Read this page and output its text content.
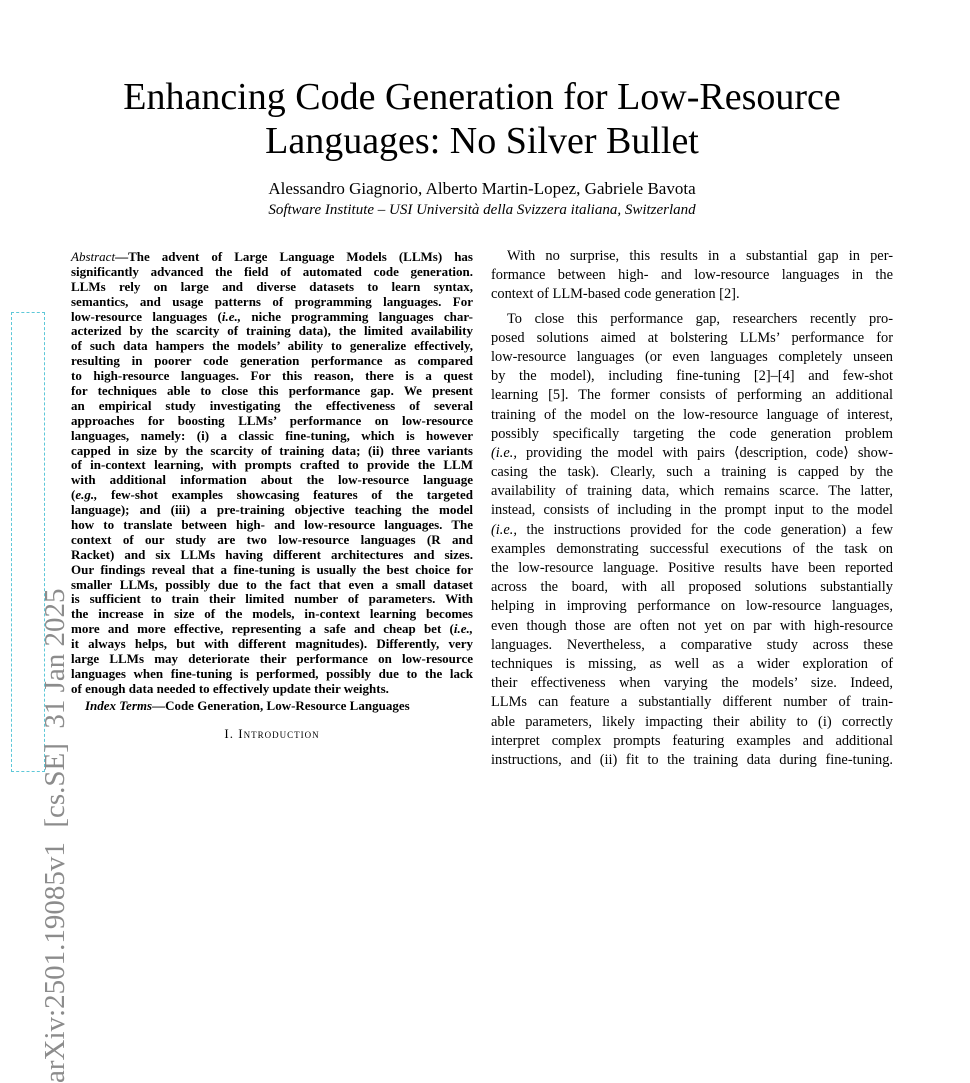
Enhancing Code Generation for Low-Resource
Languages: No Silver Bullet
Alessandro Giagnorio, Alberto Martin-Lopez, Gabriele Bavota
Software Institute – USI Università della Svizzera italiana, Switzerland
arXiv:2501.19085v1  [cs.SE]  31 Jan 2025
Abstract—The advent of Large Language Models (LLMs) has
significantly advanced the field of automated code generation.
LLMs rely on large and diverse datasets to learn syntax,
semantics, and usage patterns of programming languages. For
low-resource languages (i.e., niche programming languages char-
acterized by the scarcity of training data), the limited availability
of such data hampers the models’ ability to generalize effectively,
resulting in poorer code generation performance as compared
to high-resource languages. For this reason, there is a quest
for techniques able to close this performance gap. We present
an empirical study investigating the effectiveness of several
approaches for boosting LLMs’ performance on low-resource
languages, namely: (i) a classic fine-tuning, which is however
capped in size by the scarcity of training data; (ii) three variants
of in-context learning, with prompts crafted to provide the LLM
with additional information about the low-resource language
(e.g., few-shot examples showcasing features of the targeted
language); and (iii) a pre-training objective teaching the model
how to translate between high- and low-resource languages. The
context of our study are two low-resource languages (R and
Racket) and six LLMs having different architectures and sizes.
Our findings reveal that a fine-tuning is usually the best choice for
smaller LLMs, possibly due to the fact that even a small dataset
is sufficient to train their limited number of parameters. With
the increase in size of the models, in-context learning becomes
more and more effective, representing a safe and cheap bet (i.e.,
it always helps, but with different magnitudes). Differently, very
large LLMs may deteriorate their performance on low-resource
languages when fine-tuning is performed, possibly due to the lack
of enough data needed to effectively update their weights.
Index Terms—Code Generation, Low-Resource Languages
I. Introduction
With no surprise, this results in a substantial gap in per-
formance between high- and low-resource languages in the
context of LLM-based code generation [2].
To close this performance gap, researchers recently pro-
posed solutions aimed at bolstering LLMs’ performance for
low-resource languages (or even languages completely unseen
by the model), including fine-tuning [2]–[4] and few-shot
learning [5]. The former consists of performing an additional
training of the model on the low-resource language of interest,
possibly specifically targeting the code generation problem
(i.e., providing the model with pairs ⟨description, code⟩ show-
casing the task). Clearly, such a training is capped by the
availability of training data, which remains scarce. The latter,
instead, consists of including in the prompt input to the model
(i.e., the instructions provided for the code generation) a few
examples demonstrating successful executions of the task on
the low-resource language. Positive results have been reported
across the board, with all proposed solutions substantially
helping in improving performance on low-resource languages,
even though those are often not yet on par with high-resource
languages. Nevertheless, a comparative study across these
techniques is missing, as well as a wider exploration of
their effectiveness when varying the models’ size. Indeed,
LLMs can feature a substantially different number of train-
able parameters, likely impacting their ability to (i) correctly
interpret complex prompts featuring examples and additional
instructions, and (ii) fit to the training data during fine-tuning.
